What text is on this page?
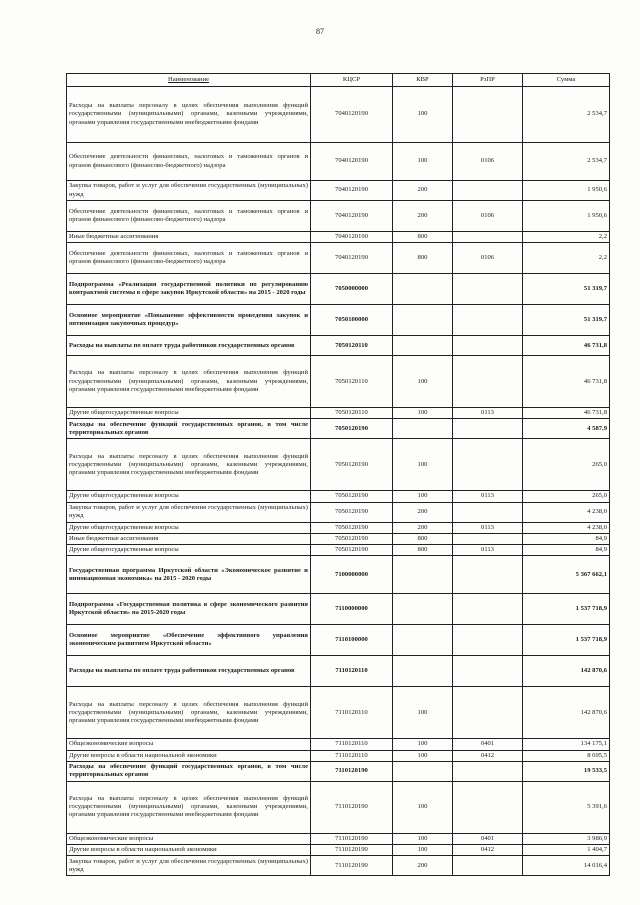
87
Наименование	КЦСР	КВР	РзПР	Сумма
Расходы на выплаты персоналу в целях обеспечения выполнения функций государственными (муниципальными) органами, казенными учреждениями, органами управления государственными внебюджетными фондами	7040120190	100		2 534,7
Обеспечение деятельности финансовых, налоговых и таможенных органов и органов финансового (финансово-бюджетного) надзора	7040120190	100	0106	2 534,7
Закупка товаров, работ и услуг для обеспечения государственных (муниципальных) нужд	7040120190	200		1 950,6
Обеспечение деятельности финансовых, налоговых и таможенных органов и органов финансового (финансово-бюджетного) надзора	7040120190	200	0106	1 950,6
Иные бюджетные ассигнования	7040120190	800		2,2
Обеспечение деятельности финансовых, налоговых и таможенных органов и органов финансового (финансово-бюджетного) надзора	7040120190	800	0106	2,2
Подпрограмма «Реализация государственной политики по регулированию контрактной системы в сфере закупок Иркутской области» на 2015 - 2020 годы	7050000000			51 319,7
Основное мероприятие «Повышение эффективности проведения закупок и оптимизация закупочных процедур»	7050100000			51 319,7
Расходы на выплаты по оплате труда работников государственных органов	7050120110			46 731,8
Расходы на выплаты персоналу в целях обеспечения выполнения функций государственными (муниципальными) органами, казенными учреждениями, органами управления государственными внебюджетными фондами	7050120110	100		46 731,8
Другие общегосударственные вопросы	7050120110	100	0113	46 731,8
Расходы на обеспечение функций государственных органов, в том числе территориальных органов	7050120190			4 587,9
Расходы на выплаты персоналу в целях обеспечения выполнения функций государственными (муниципальными) органами, казенными учреждениями, органами управления государственными внебюджетными фондами	7050120190	100		265,0
Другие общегосударственные вопросы	7050120190	100	0113	265,0
Закупка товаров, работ и услуг для обеспечения государственных (муниципальных) нужд	7050120190	200		4 238,0
Другие общегосударственные вопросы	7050120190	200	0113	4 238,0
Иные бюджетные ассигнования	7050120190	800		84,9
Другие общегосударственные вопросы	7050120190	800	0113	84,9
Государственная программа Иркутской области «Экономическое развитие и инновационная экономика» на 2015 - 2020 годы	7100000000			5 367 662,1
Подпрограмма «Государственная политика в сфере экономического развития Иркутской области» на 2015-2020 годы	7110000000			1 537 718,9
Основное мероприятие «Обеспечение эффективного управления экономическим развитием Иркутской области»	7110100000			1 537 718,9
Расходы на выплаты по оплате труда работников государственных органов	7110120110			142 870,6
Расходы на выплаты персоналу в целях обеспечения выполнения функций государственными (муниципальными) органами, казенными учреждениями, органами управления государственными внебюджетными фондами	7110120110	100		142 870,6
Общеэкономические вопросы	7110120110	100	0401	134 175,1
Другие вопросы в области национальной экономики	7110120110	100	0412	8 695,5
Расходы на обеспечение функций государственных органов, в том числе территориальных органов	7110120190			19 533,5
Расходы на выплаты персоналу в целях обеспечения выполнения функций государственными (муниципальными) органами, казенными учреждениями, органами управления государственными внебюджетными фондами	7110120190	100		5 391,6
Общеэкономические вопросы	7110120190	100	0401	3 986,9
Другие вопросы в области национальной экономики	7110120190	100	0412	1 404,7
Закупка товаров, работ и услуг для обеспечения государственных (муниципальных) нужд	7110120190	200		14 016,4
